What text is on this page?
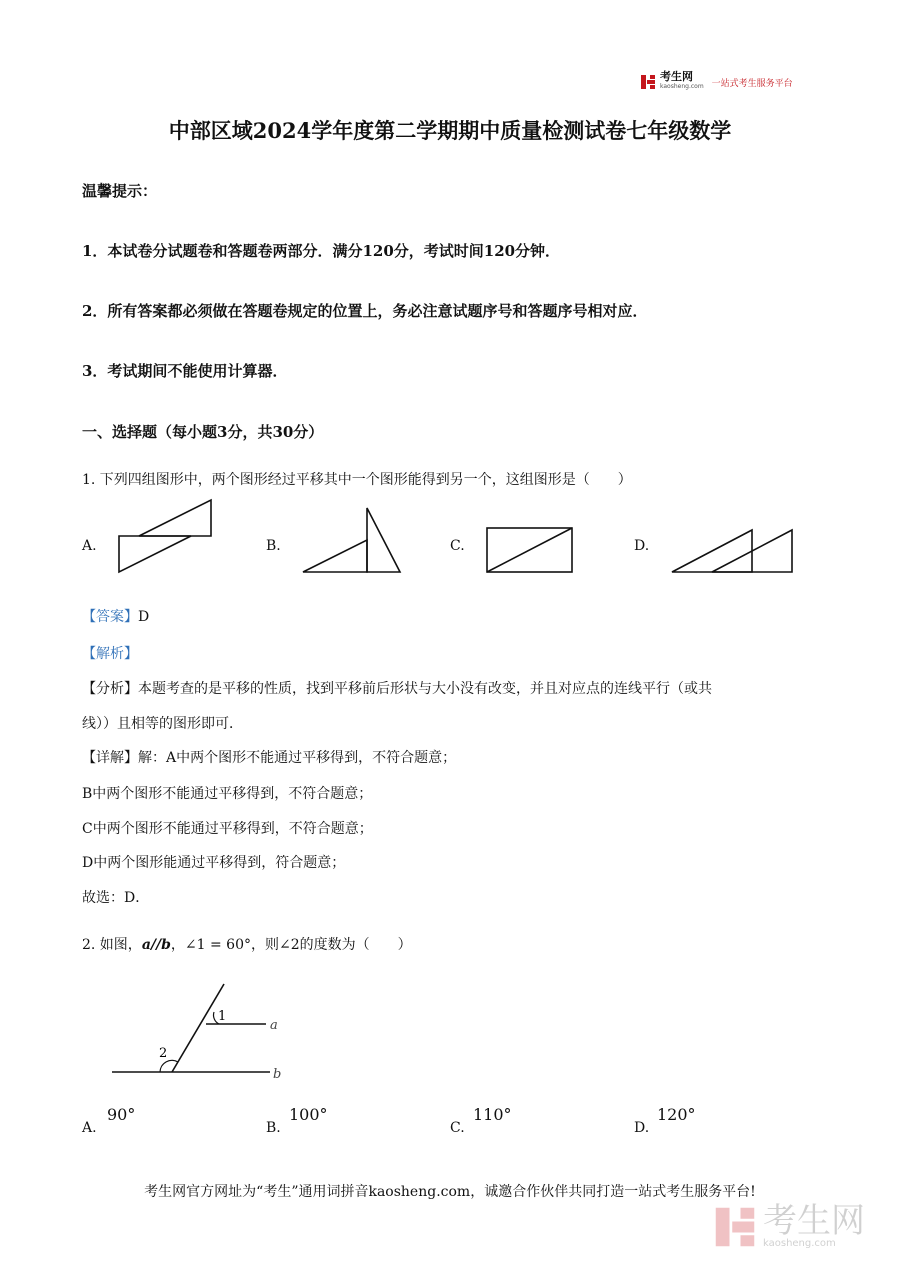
考生网
kaosheng.com 一站式考生服务平台
中部区域2024学年度第二学期期中质量检测试卷七年级数学
温馨提示：
1．本试卷分试题卷和答题卷两部分．满分120分，考试时间120分钟．
2．所有答案都必须做在答题卷规定的位置上，务必注意试题序号和答题序号相对应．
3．考试期间不能使用计算器．
一、选择题（每小题3分，共30分）
1. 下列四组图形中，两个图形经过平移其中一个图形能得到另一个，这组图形是（　　）
A.	B.	C.	D.
【答案】D
【解析】
【分析】本题考查的是平移的性质，找到平移前后形状与大小没有改变，并且对应点的连线平行（或共
线））且相等的图形即可．
【详解】解：A中两个图形不能通过平移得到，不符合题意；
B中两个图形不能通过平移得到，不符合题意；
C中两个图形不能通过平移得到，不符合题意；
D中两个图形能通过平移得到，符合题意；
故选：D．
2. 如图，a//b，∠1 = 60°，则∠2的度数为（　　）
1
2
a
b
A.
90°
B.
100°
C.
110°
D.
120°
考生网官方网址为“考生”通用词拼音kaosheng.com，诚邀合作伙伴共同打造一站式考生服务平台!
考生网
kaosheng.com
